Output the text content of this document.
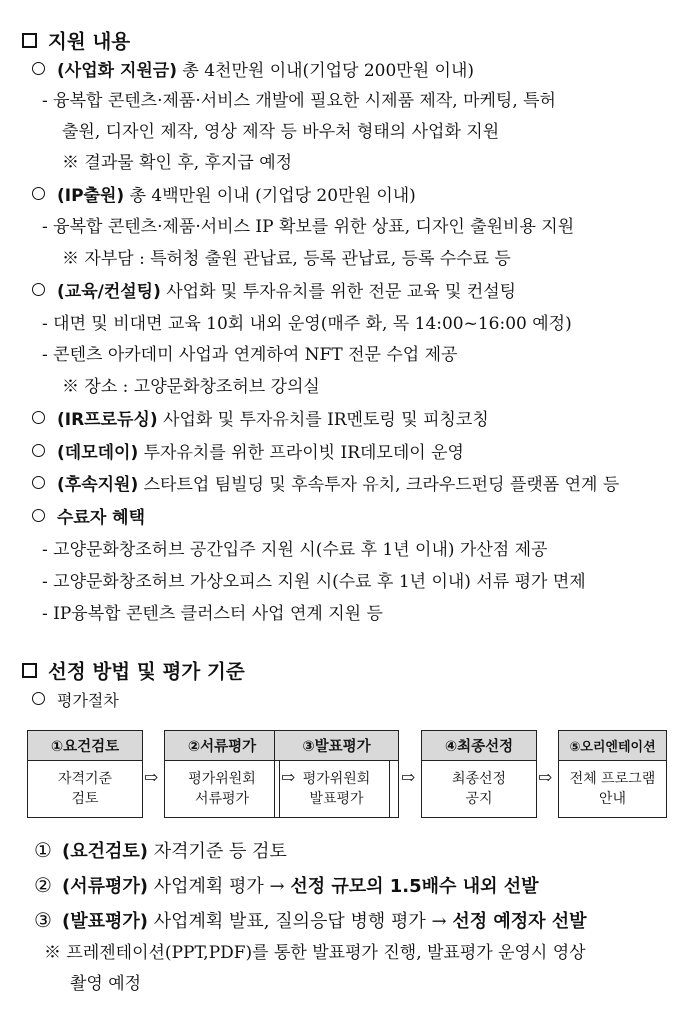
지원 내용
(사업화 지원금) 총 4천만원 이내(기업당 200만원 이내)
- 융복합 콘텐츠·제품·서비스 개발에 필요한 시제품 제작, 마케팅, 특허
출원, 디자인 제작, 영상 제작 등 바우처 형태의 사업화 지원
※ 결과물 확인 후, 후지급 예정
(IP출원) 총 4백만원 이내 (기업당 20만원 이내)
- 융복합 콘텐츠·제품·서비스 IP 확보를 위한 상표, 디자인 출원비용 지원
※ 자부담 : 특허청 출원 관납료, 등록 관납료, 등록 수수료 등
(교육/컨설팅) 사업화 및 투자유치를 위한 전문 교육 및 컨설팅
- 대면 및 비대면 교육 10회 내외 운영(매주 화, 목 14:00~16:00 예정)
- 콘텐츠 아카데미 사업과 연계하여 NFT 전문 수업 제공
※ 장소 : 고양문화창조허브 강의실
(IR프로듀싱) 사업화 및 투자유치를 IR멘토링 및 피칭코칭
(데모데이) 투자유치를 위한 프라이빗 IR데모데이 운영
(후속지원) 스타트업 팀빌딩 및 후속투자 유치, 크라우드펀딩 플랫폼 연계 등
수료자 혜택
- 고양문화창조허브 공간입주 지원 시(수료 후 1년 이내) 가산점 제공
- 고양문화창조허브 가상오피스 지원 시(수료 후 1년 이내) 서류 평가 면제
- IP융복합 콘텐츠 클러스터 사업 연계 지원 등
선정 방법 및 평가 기준
평가절차
①요건검토
자격기준
검토
⇨
②서류평가
평가위원회
서류평가
⇨
③발표평가
평가위원회
발표평가
⇨
④최종선정
최종선정
공지
⇨
⑤오리엔테이션
전체 프로그램
안내
① (요건검토) 자격기준 등 검토
② (서류평가) 사업계획 평가 → 선정 규모의 1.5배수 내외 선발
③ (발표평가) 사업계획 발표, 질의응답 병행 평가 → 선정 예정자 선발
※ 프레젠테이션(PPT,PDF)를 통한 발표평가 진행, 발표평가 운영시 영상
촬영 예정
